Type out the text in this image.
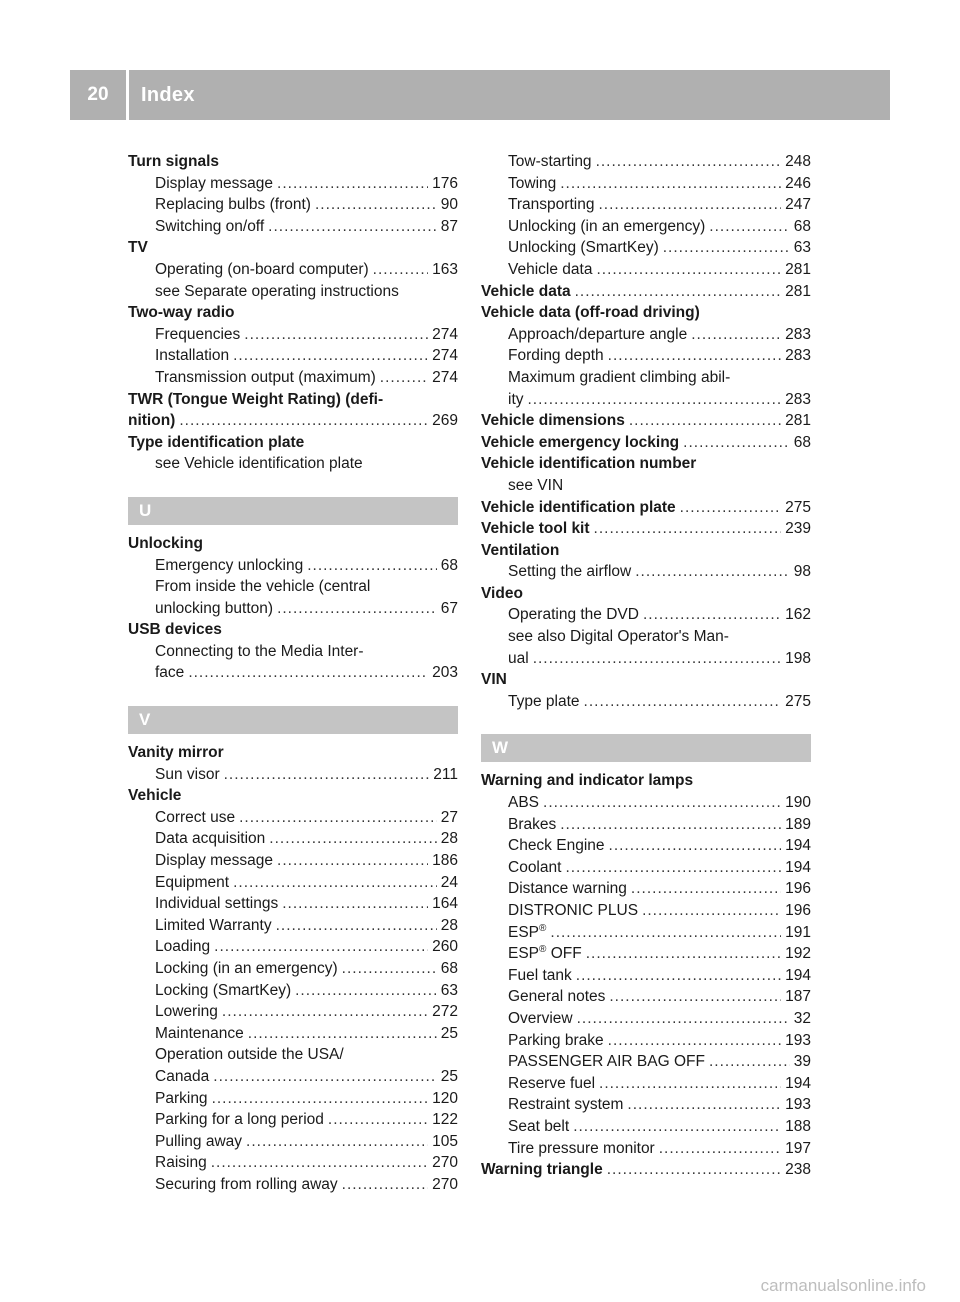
20	Index
Turn signals
Display message .....	176
Replacing bulbs (front) .....	90
Switching on/off .....	87
TV
Operating (on-board computer) .....	163
see Separate operating instructions
Two-way radio
Frequencies .....	274
Installation .....	274
Transmission output (maximum) .....	274
TWR (Tongue Weight Rating) (defi-
nition) .....	269
Type identification plate
see Vehicle identification plate
U
Unlocking
Emergency unlocking .....	68
From inside the vehicle (central
unlocking button) .....	67
USB devices
Connecting to the Media Inter-
face .....	203
V
Vanity mirror
Sun visor .....	211
Vehicle
Correct use .....	27
Data acquisition .....	28
Display message .....	186
Equipment .....	24
Individual settings .....	164
Limited Warranty .....	28
Loading .....	260
Locking (in an emergency) .....	68
Locking (SmartKey) .....	63
Lowering .....	272
Maintenance .....	25
Operation outside the USA/
Canada .....	25
Parking .....	120
Parking for a long period .....	122
Pulling away .....	105
Raising .....	270
Securing from rolling away .....	270
Tow-starting .....	248
Towing .....	246
Transporting .....	247
Unlocking (in an emergency) .....	68
Unlocking (SmartKey) .....	63
Vehicle data .....	281
Vehicle data .....	281
Vehicle data (off-road driving)
Approach/departure angle .....	283
Fording depth .....	283
Maximum gradient climbing abil-
ity .....	283
Vehicle dimensions .....	281
Vehicle emergency locking .....	68
Vehicle identification number
see VIN
Vehicle identification plate .....	275
Vehicle tool kit .....	239
Ventilation
Setting the airflow .....	98
Video
Operating the DVD .....	162
see also Digital Operator's Man-
ual .....	198
VIN
Type plate .....	275
W
Warning and indicator lamps
ABS .....	190
Brakes .....	189
Check Engine .....	194
Coolant .....	194
Distance warning .....	196
DISTRONIC PLUS .....	196
ESP® .....	191
ESP® OFF .....	192
Fuel tank .....	194
General notes .....	187
Overview .....	32
Parking brake .....	193
PASSENGER AIR BAG OFF .....	39
Reserve fuel .....	194
Restraint system .....	193
Seat belt .....	188
Tire pressure monitor .....	197
Warning triangle .....	238
carmanualsonline.info
